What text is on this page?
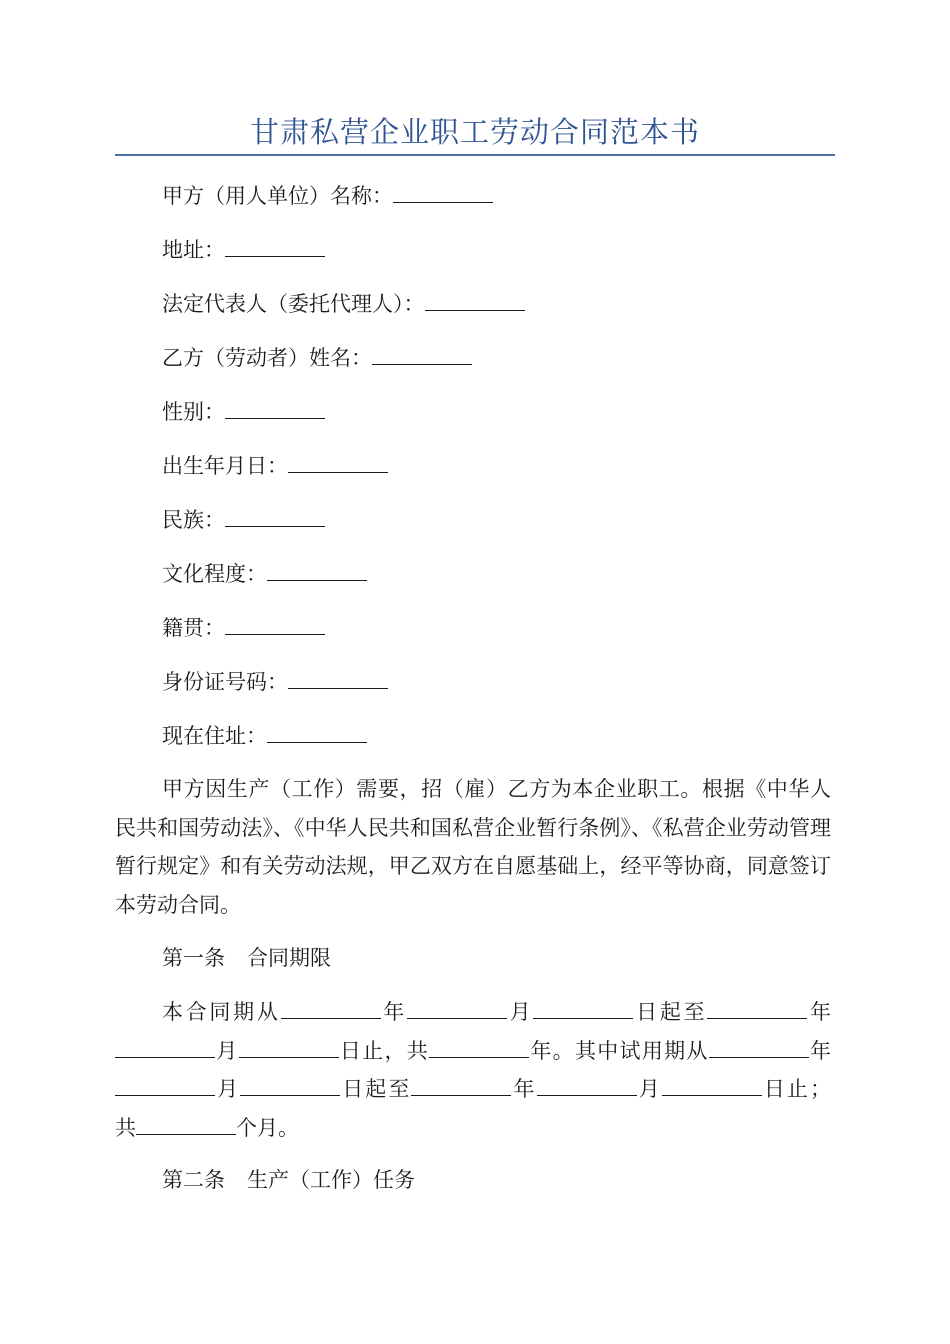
甘肃私营企业职工劳动合同范本书
甲方（用人单位）名称：
地址：
法定代表人（委托代理人）：
乙方（劳动者）姓名：
性别：
出生年月日：
民族：
文化程度：
籍贯：
身份证号码：
现在住址：
甲方因生产（工作）需要，招（雇）乙方为本企业职工。根据《中华人民共和国劳动法》、《中华人民共和国私营企业暂行条例》、《私营企业劳动管理暂行规定》和有关劳动法规，甲乙双方在自愿基础上，经平等协商，同意签订本劳动合同。
第一条 合同期限
本合同期从	年	月	日起至	年 月	日止，共	年。其中试用期从	年 月	日起至	年	月	日止； 共	个月。
第二条 生产（工作）任务
